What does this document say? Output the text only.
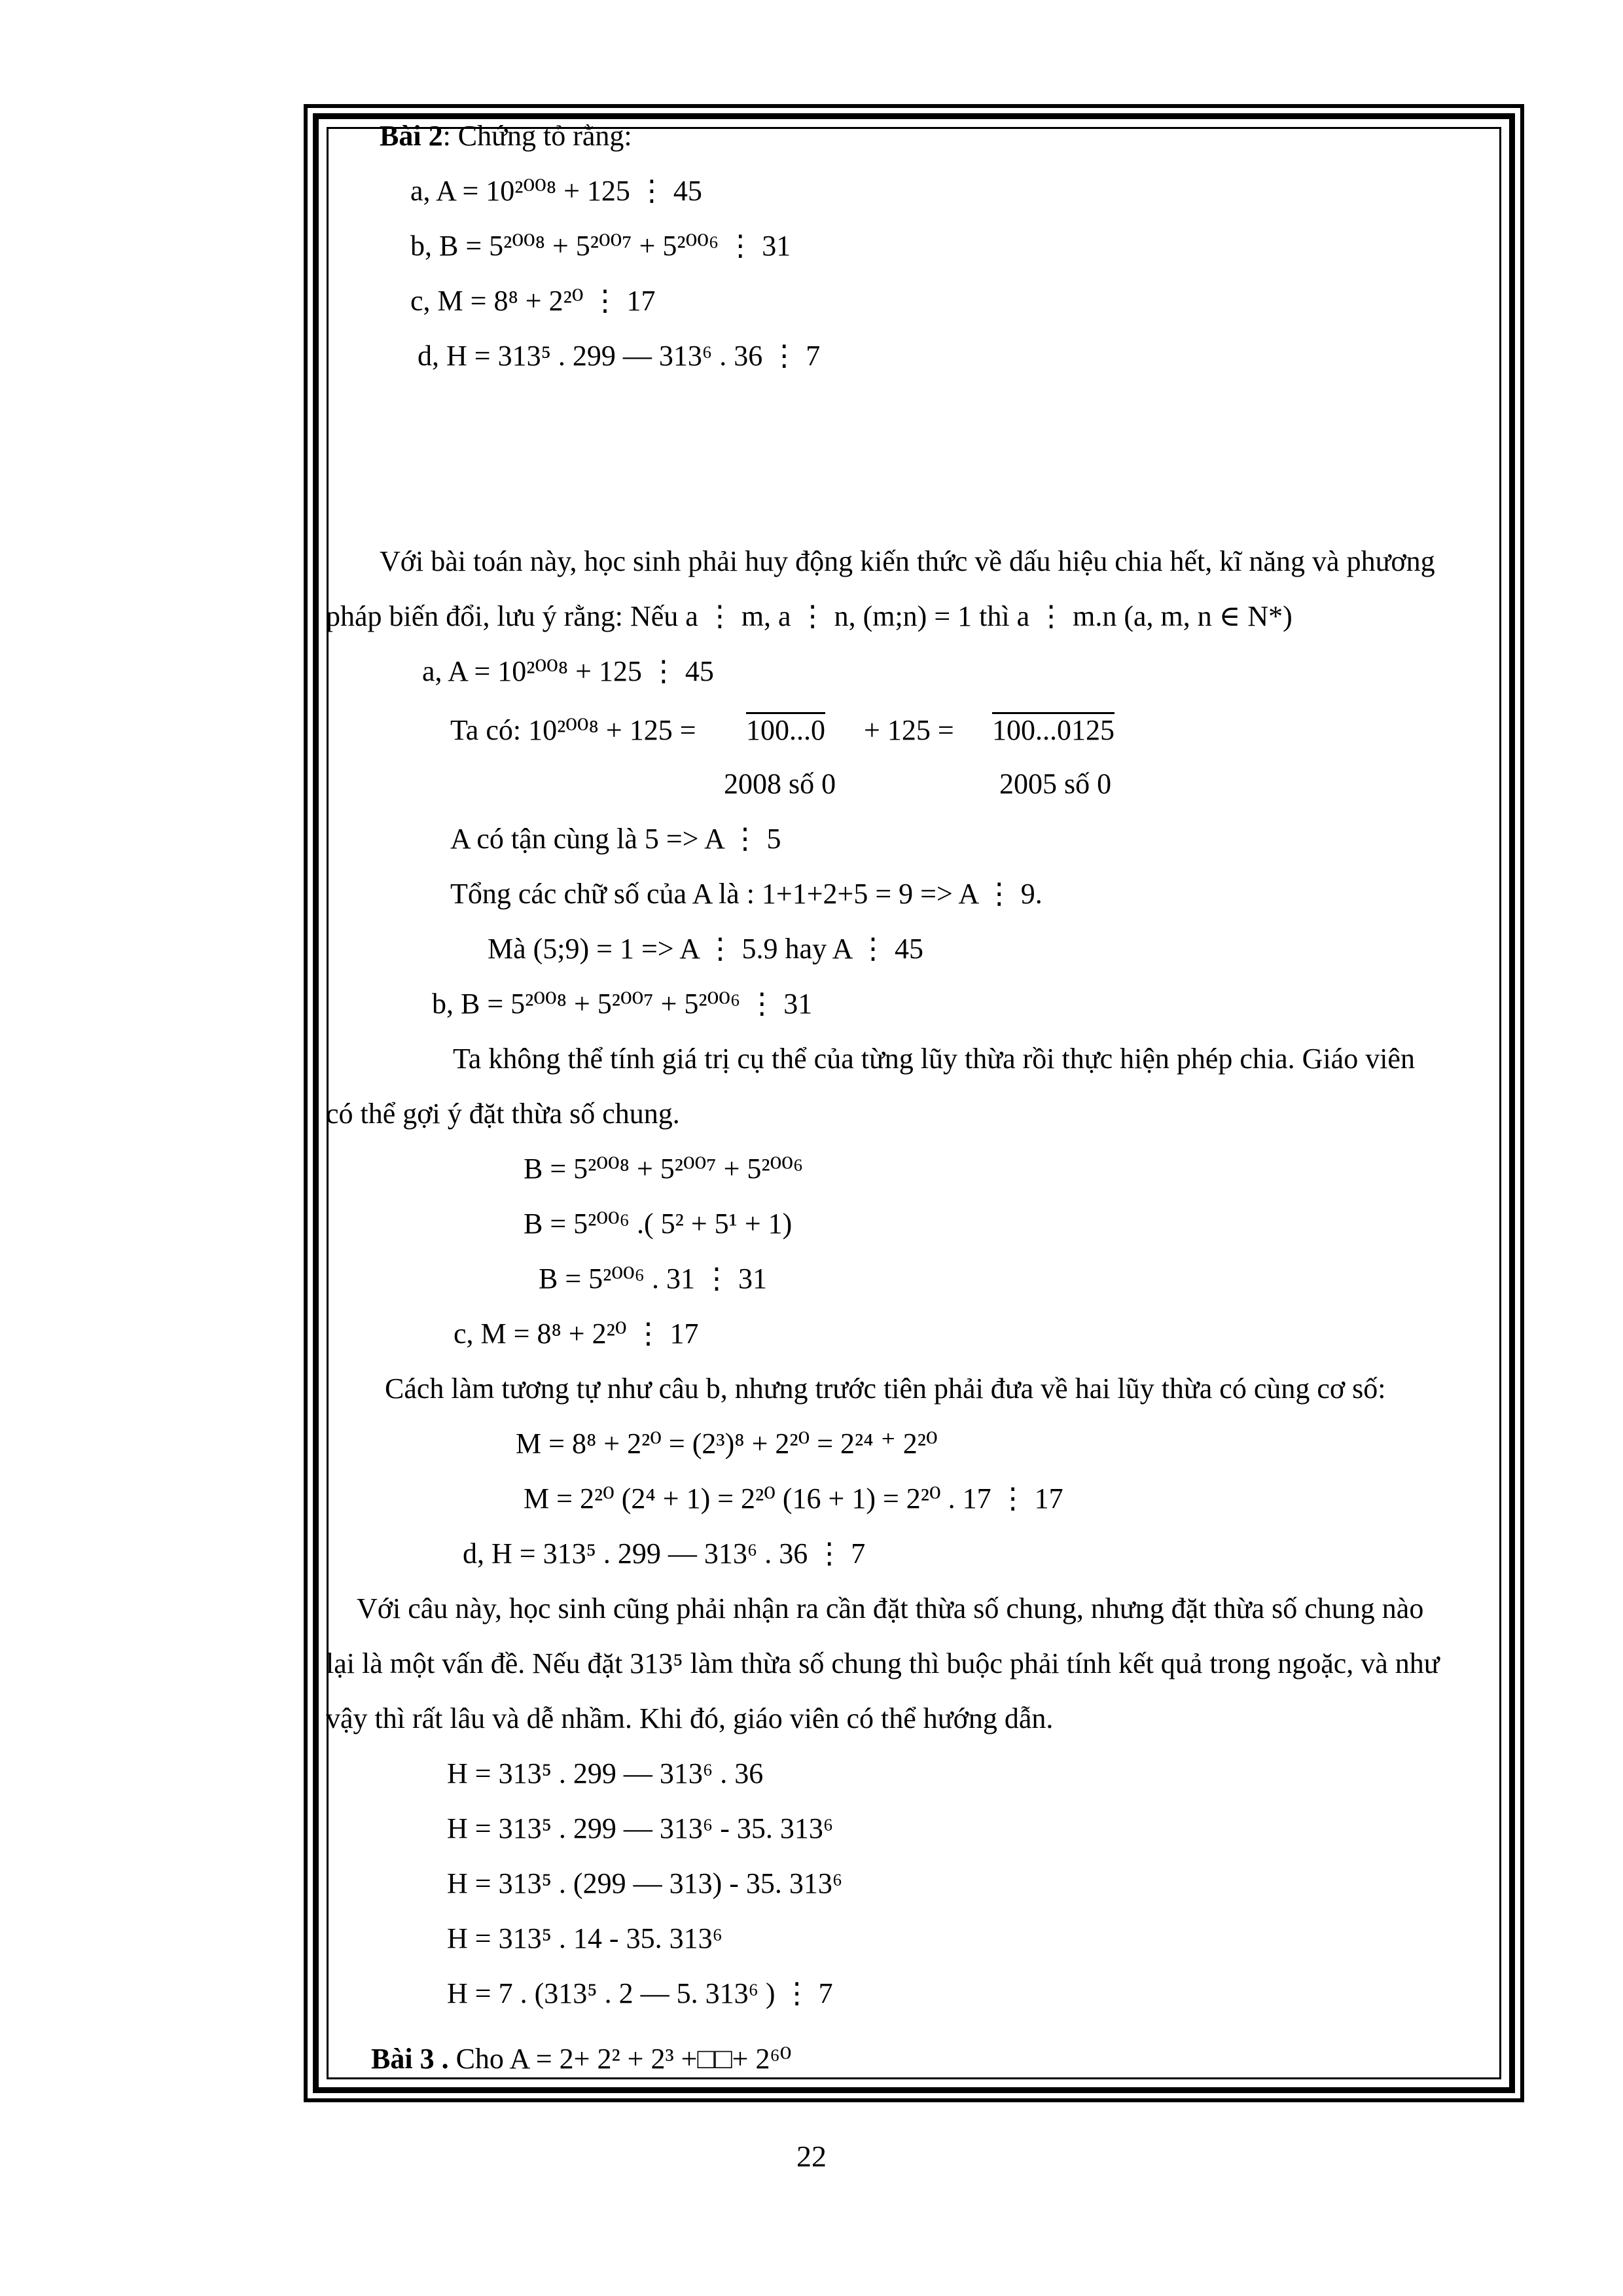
Bài 2: Chứng tỏ rằng:
a, A = 10²⁰⁰⁸ + 125 ⋮ 45
b, B = 5²⁰⁰⁸ + 5²⁰⁰⁷ + 5²⁰⁰⁶ ⋮ 31
c, M = 8⁸ + 2²⁰ ⋮ 17
d, H = 313⁵ . 299 — 313⁶ . 36 ⋮ 7
Với bài toán này, học sinh phải huy động kiến thức về dấu hiệu chia hết, kĩ năng và phương
pháp biến đổi, lưu ý rằng: Nếu a ⋮ m, a ⋮ n, (m;n) = 1 thì a ⋮ m.n (a, m, n ∈ N*)
a, A = 10²⁰⁰⁸ + 125 ⋮ 45
Ta có: 10²⁰⁰⁸ + 125 = 100...0 + 125 = 100...0125
2008 số 0	2005 số 0
A có tận cùng là 5 => A ⋮ 5
Tổng các chữ số của A là : 1+1+2+5 = 9 => A ⋮ 9.
Mà (5;9) = 1 => A ⋮ 5.9 hay A ⋮ 45
b, B = 5²⁰⁰⁸ + 5²⁰⁰⁷ + 5²⁰⁰⁶ ⋮ 31
Ta không thể tính giá trị cụ thể của từng lũy thừa rồi thực hiện phép chia. Giáo viên
có thể gợi ý đặt thừa số chung.
B = 5²⁰⁰⁸ + 5²⁰⁰⁷ + 5²⁰⁰⁶
B = 5²⁰⁰⁶ .( 5² + 5¹ + 1)
B = 5²⁰⁰⁶ . 31 ⋮ 31
c, M = 8⁸ + 2²⁰ ⋮ 17
Cách làm tương tự như câu b, nhưng trước tiên phải đưa về hai lũy thừa có cùng cơ số:
M = 8⁸ + 2²⁰ = (2³)⁸ + 2²⁰ = 2²⁴ ⁺ 2²⁰
M = 2²⁰ (2⁴ + 1) = 2²⁰ (16 + 1) = 2²⁰ . 17 ⋮ 17
d, H = 313⁵ . 299 — 313⁶ . 36 ⋮ 7
Với câu này, học sinh cũng phải nhận ra cần đặt thừa số chung, nhưng đặt thừa số chung nào
lại là một vấn đề. Nếu đặt 313⁵ làm thừa số chung thì buộc phải tính kết quả trong ngoặc, và như
vậy thì rất lâu và dễ nhầm. Khi đó, giáo viên có thể hướng dẫn.
H = 313⁵ . 299 — 313⁶ . 36
H = 313⁵ . 299 — 313⁶ - 35. 313⁶
H = 313⁵ . (299 — 313) - 35. 313⁶
H = 313⁵ . 14 - 35. 313⁶
H = 7 . (313⁵ . 2 — 5. 313⁶ ) ⋮ 7
Bài 3 . Cho A = 2+ 2² + 2³ +□□+ 2⁶⁰
22
